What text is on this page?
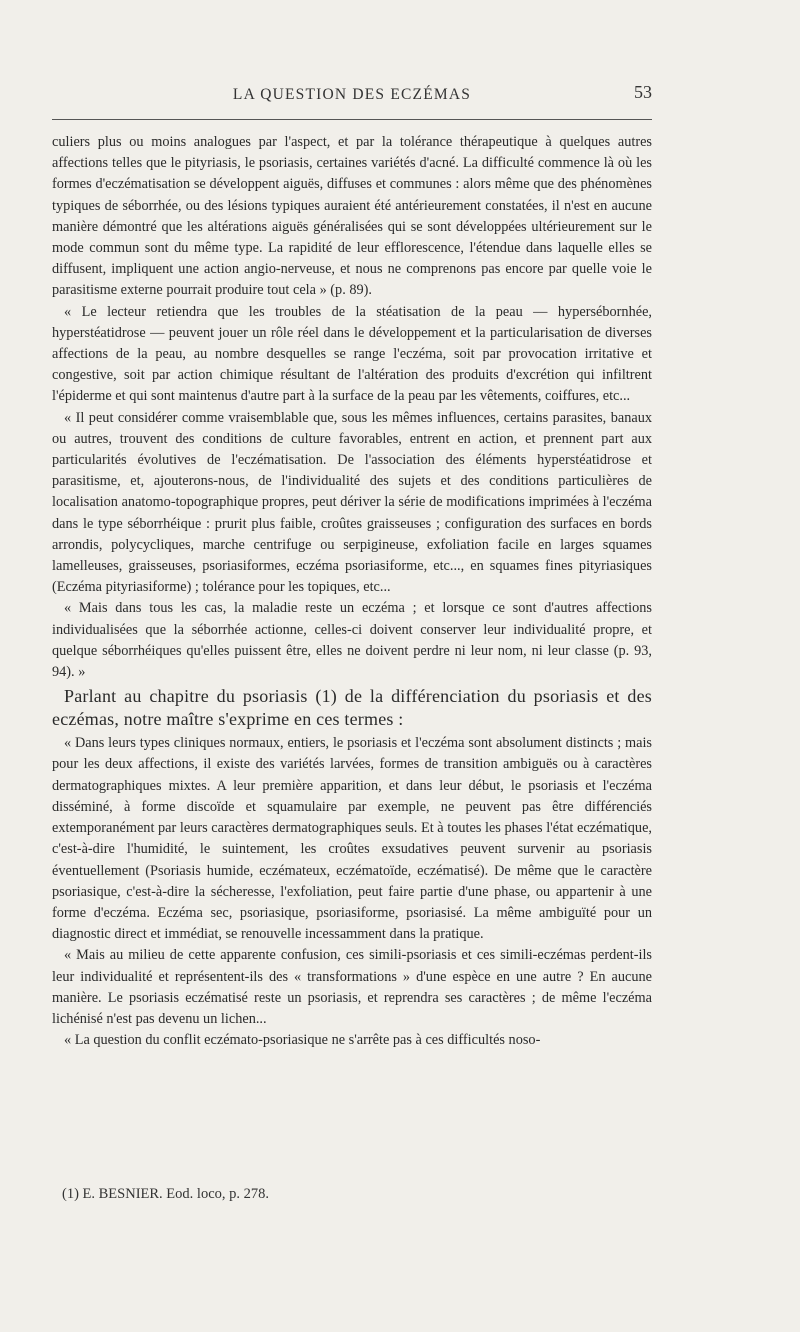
LA QUESTION DES ECZÉMAS	53

culiers plus ou moins analogues par l'aspect, et par la tolérance thérapeutique à quelques autres affections telles que le pityriasis, le psoriasis, certaines variétés d'acné. La difficulté commence là où les formes d'eczématisation se développent aiguës, diffuses et communes : alors même que des phénomènes typiques de séborrhée, ou des lésions typiques auraient été antérieurement constatées, il n'est en aucune manière démontré que les altérations aiguës généralisées qui se sont développées ultérieurement sur le mode commun sont du même type. La rapidité de leur efflorescence, l'étendue dans laquelle elles se diffusent, impliquent une action angio-nerveuse, et nous ne comprenons pas encore par quelle voie le parasitisme externe pourrait produire tout cela » (p. 89).

« Le lecteur retiendra que les troubles de la stéatisation de la peau — hypersébornhée, hyperstéatidrose — peuvent jouer un rôle réel dans le développement et la particularisation de diverses affections de la peau, au nombre desquelles se range l'eczéma, soit par provocation irritative et congestive, soit par action chimique résultant de l'altération des produits d'excrétion qui infiltrent l'épiderme et qui sont maintenus d'autre part à la surface de la peau par les vêtements, coiffures, etc...

« Il peut considérer comme vraisemblable que, sous les mêmes influences, certains parasites, banaux ou autres, trouvent des conditions de culture favorables, entrent en action, et prennent part aux particularités évolutives de l'eczématisation. De l'association des éléments hyperstéatidrose et parasitisme, et, ajouterons-nous, de l'individualité des sujets et des conditions particulières de localisation anatomo-topographique propres, peut dériver la série de modifications imprimées à l'eczéma dans le type séborrhéique : prurit plus faible, croûtes graisseuses ; configuration des surfaces en bords arrondis, polycycliques, marche centrifuge ou serpigineuse, exfoliation facile en larges squames lamelleuses, graisseuses, psoriasiformes, eczéma psoriasiforme, etc..., en squames fines pityriasiques (Eczéma pityriasiforme) ; tolérance pour les topiques, etc...

« Mais dans tous les cas, la maladie reste un eczéma ; et lorsque ce sont d'autres affections individualisées que la séborrhée actionne, celles-ci doivent conserver leur individualité propre, et quelque séborrhéiques qu'elles puissent être, elles ne doivent perdre ni leur nom, ni leur classe (p. 93, 94). »

Parlant au chapitre du psoriasis (1) de la différenciation du psoriasis et des eczémas, notre maître s'exprime en ces termes :

« Dans leurs types cliniques normaux, entiers, le psoriasis et l'eczéma sont absolument distincts ; mais pour les deux affections, il existe des variétés larvées, formes de transition ambiguës ou à caractères dermatographiques mixtes. A leur première apparition, et dans leur début, le psoriasis et l'eczéma disséminé, à forme discoïde et squamulaire par exemple, ne peuvent pas être différenciés extemporanément par leurs caractères dermatographiques seuls. Et à toutes les phases l'état eczématique, c'est-à-dire l'humidité, le suintement, les croûtes exsudatives peuvent survenir au psoriasis éventuellement (Psoriasis humide, eczémateux, eczématoïde, eczématisé). De même que le caractère psoriasique, c'est-à-dire la sécheresse, l'exfoliation, peut faire partie d'une phase, ou appartenir à une forme d'eczéma. Eczéma sec, psoriasique, psoriasiforme, psoriasisé. La même ambiguïté pour un diagnostic direct et immédiat, se renouvelle incessamment dans la pratique.

« Mais au milieu de cette apparente confusion, ces simili-psoriasis et ces simili-eczémas perdent-ils leur individualité et représentent-ils des « transformations » d'une espèce en une autre ? En aucune manière. Le psoriasis eczématisé reste un psoriasis, et reprendra ses caractères ; de même l'eczéma lichénisé n'est pas devenu un lichen...

« La question du conflit eczémato-psoriasique ne s'arrête pas à ces difficultés noso-

(1) E. BESNIER. Eod. loco, p. 278.
